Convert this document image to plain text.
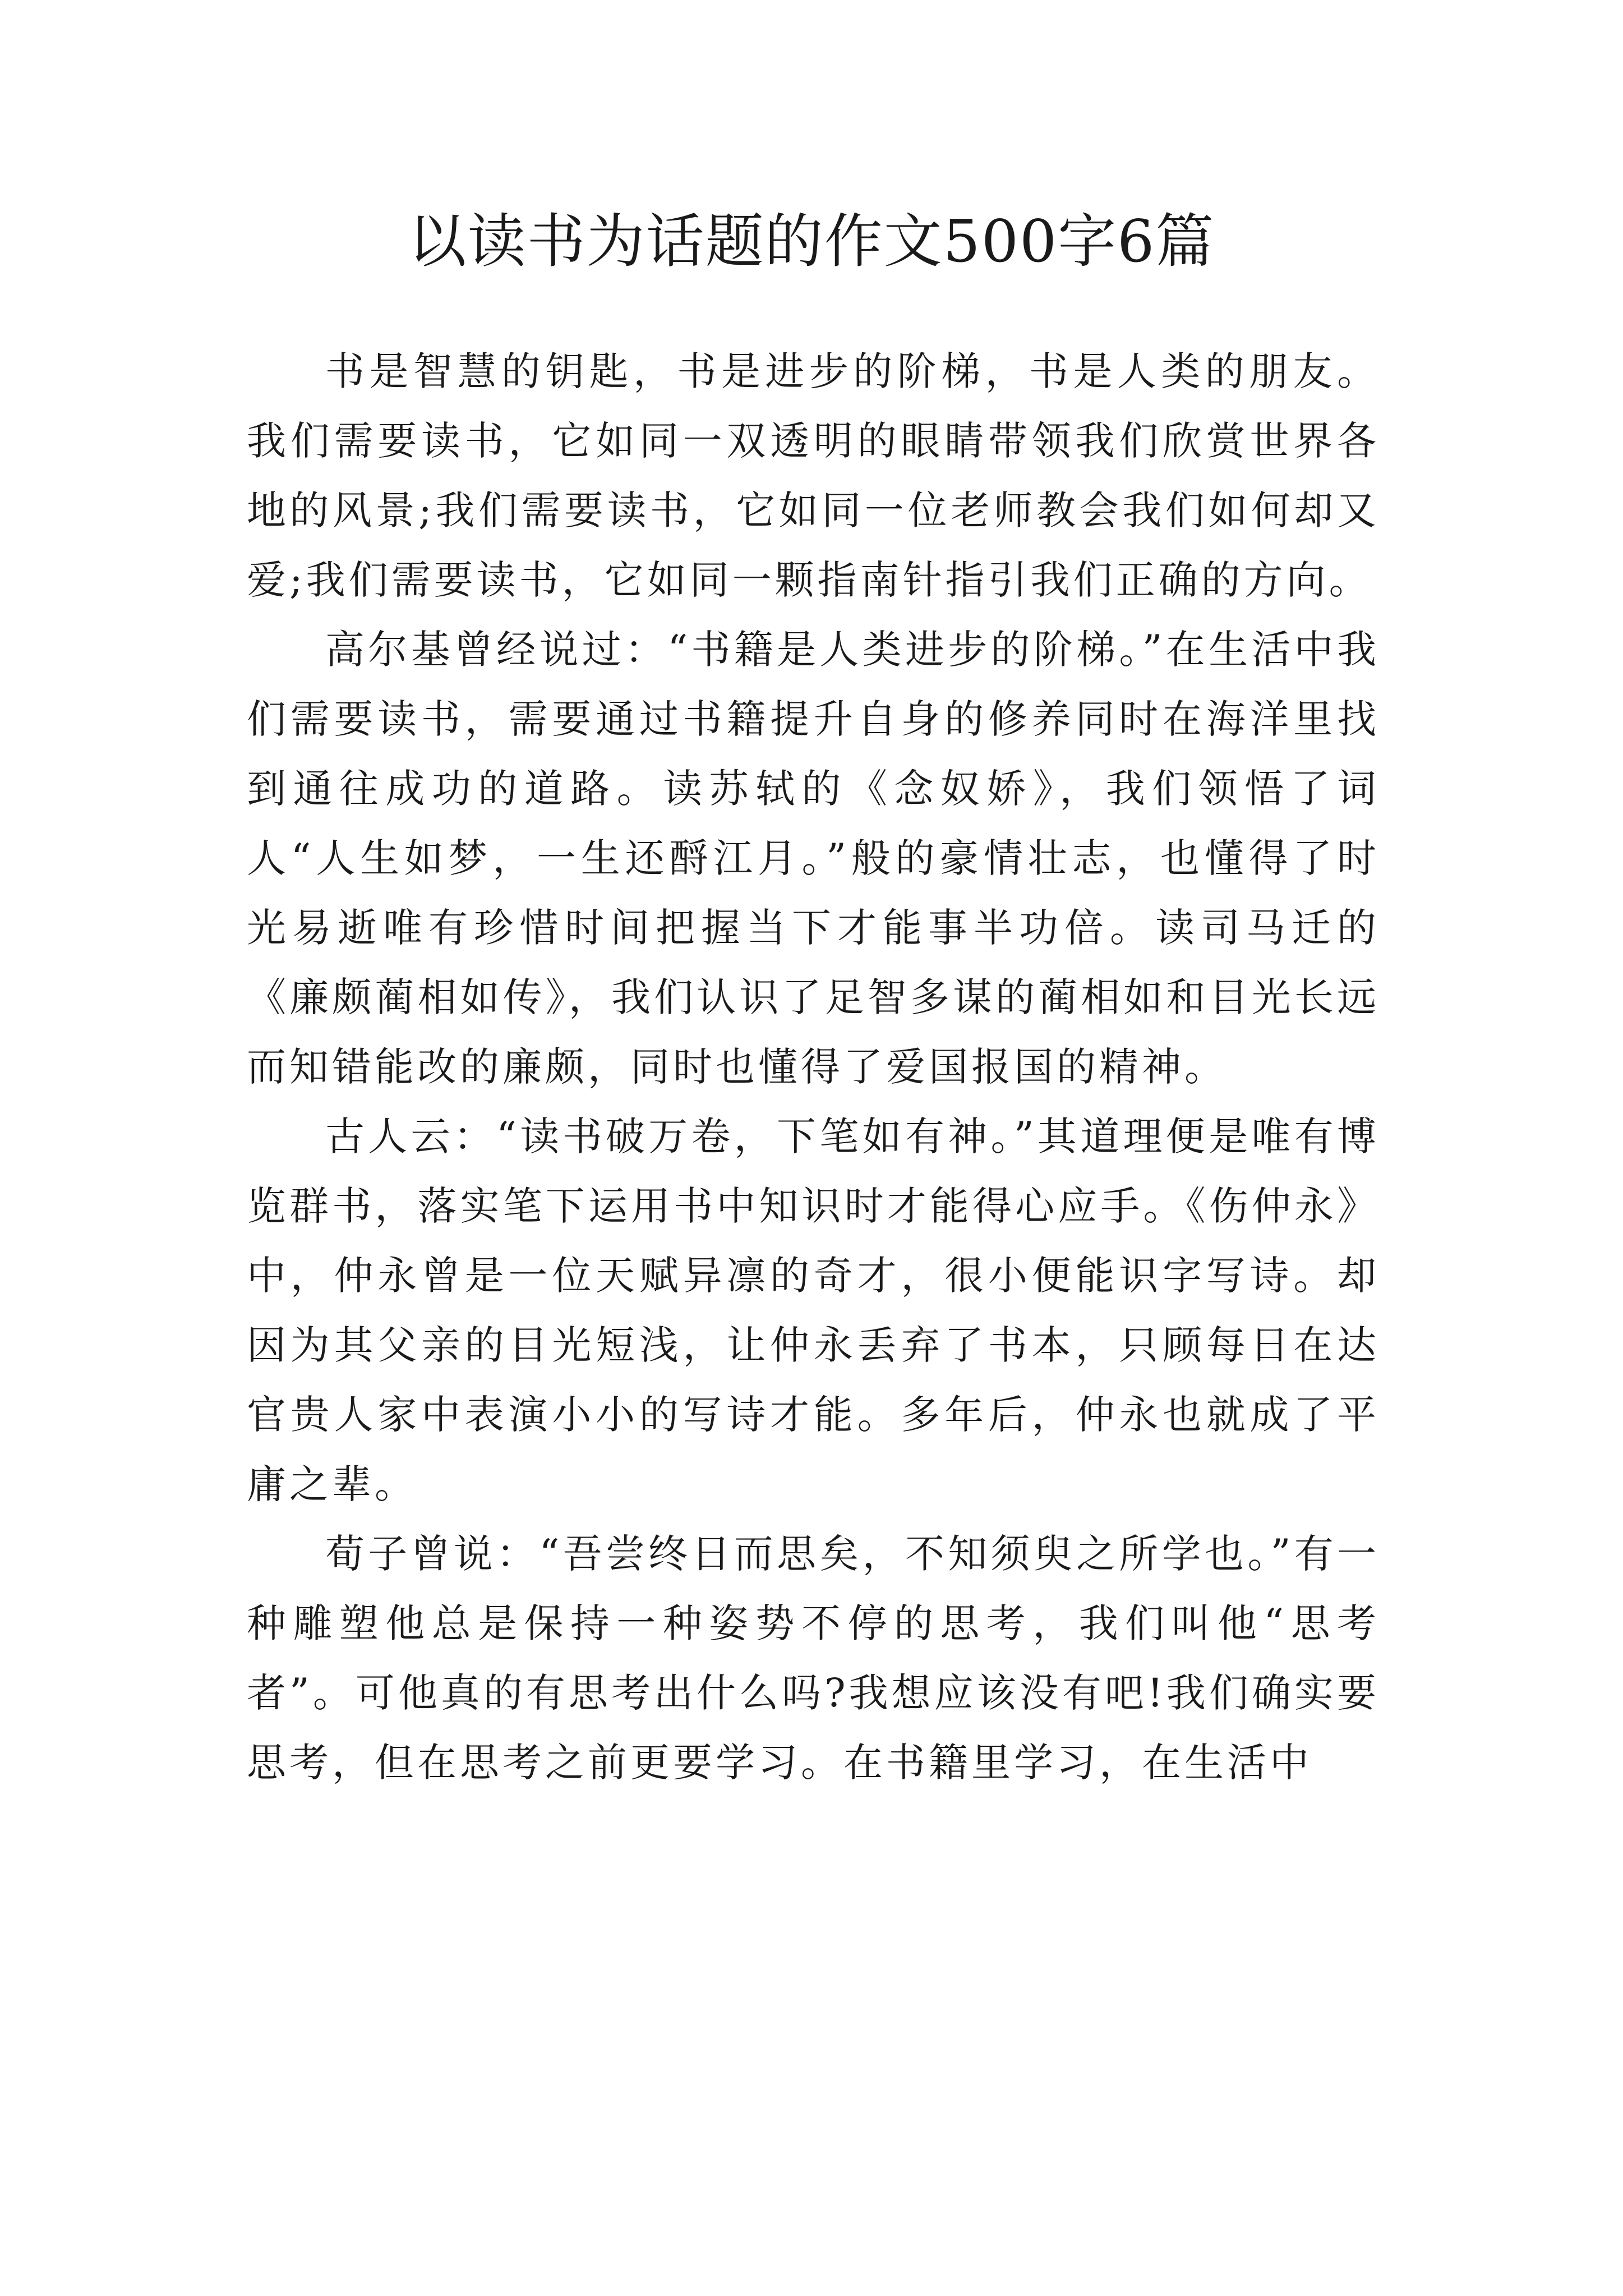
以读书为话题的作文500字6篇

书是智慧的钥匙，书是进步的阶梯，书是人类的朋友。我们需要读书，它如同一双透明的眼睛带领我们欣赏世界各地的风景;我们需要读书，它如同一位老师教会我们如何却又爱;我们需要读书，它如同一颗指南针指引我们正确的方向。

高尔基曾经说过：“书籍是人类进步的阶梯。”在生活中我们需要读书，需要通过书籍提升自身的修养同时在海洋里找到通往成功的道路。读苏轼的《念奴娇》，我们领悟了词人“人生如梦，一生还酹江月。”般的豪情壮志，也懂得了时光易逝唯有珍惜时间把握当下才能事半功倍。读司马迁的《廉颇蔺相如传》，我们认识了足智多谋的蔺相如和目光长远而知错能改的廉颇，同时也懂得了爱国报国的精神。

古人云：“读书破万卷，下笔如有神。”其道理便是唯有博览群书，落实笔下运用书中知识时才能得心应手。《伤仲永》中，仲永曾是一位天赋异凛的奇才，很小便能识字写诗。却因为其父亲的目光短浅，让仲永丢弃了书本，只顾每日在达官贵人家中表演小小的写诗才能。多年后，仲永也就成了平庸之辈。

荀子曾说：“吾尝终日而思矣，不知须臾之所学也。”有一种雕塑他总是保持一种姿势不停的思考，我们叫他“思考者”。可他真的有思考出什么吗?我想应该没有吧!我们确实要思考，但在思考之前更要学习。在书籍里学习，在生活中
